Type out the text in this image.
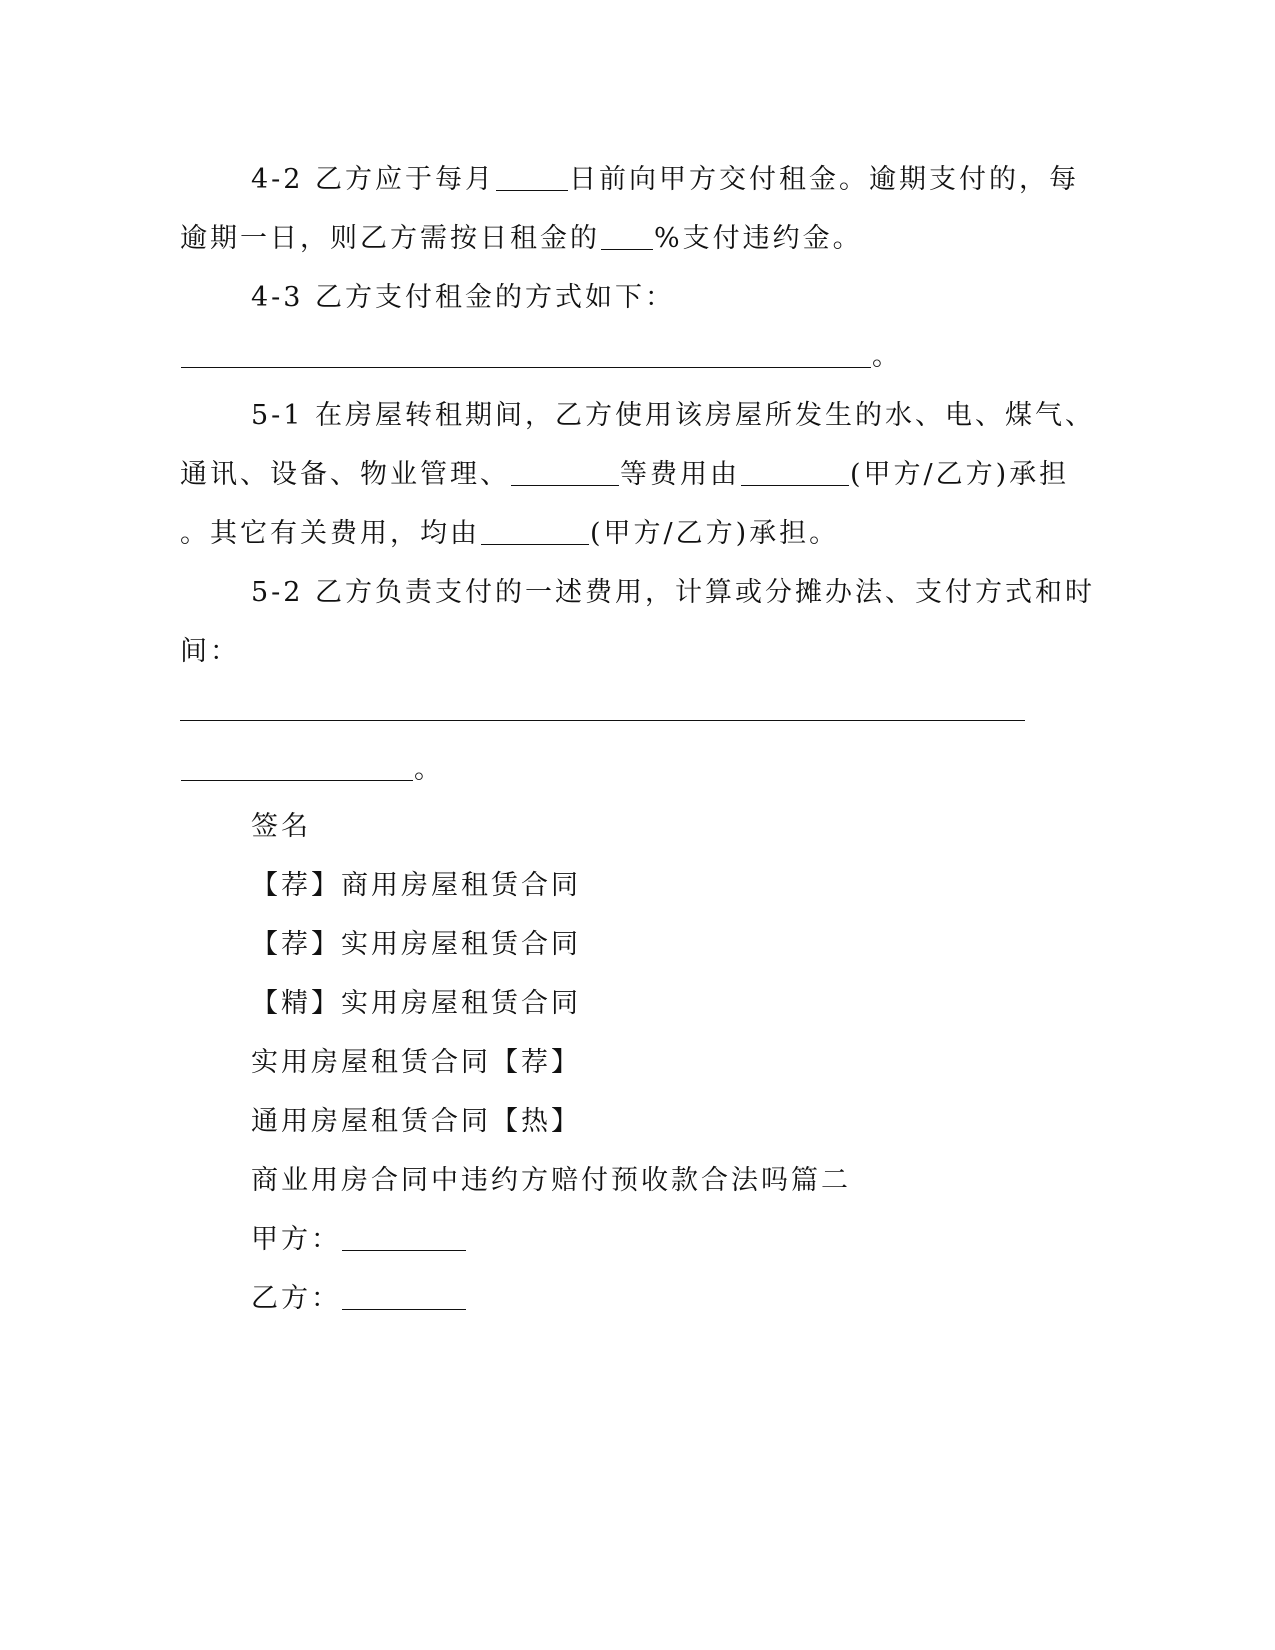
4-2 乙方应于每月	日前向甲方交付租金。逾期支付的，每
逾期一日，则乙方需按日租金的 %支付违约金。
4-3 乙方支付租金的方式如下：
。
5-1 在房屋转租期间，乙方使用该房屋所发生的水、电、煤气、
通讯、设备、物业管理、	等费用由	(甲方/乙方)承担
。其它有关费用，均由	(甲方/乙方)承担。
5-2 乙方负责支付的一述费用，计算或分摊办法、支付方式和时
间：
。
签名
【荐】商用房屋租赁合同
【荐】实用房屋租赁合同
【精】实用房屋租赁合同
实用房屋租赁合同【荐】
通用房屋租赁合同【热】
商业用房合同中违约方赔付预收款合法吗篇二
甲方：
乙方：
